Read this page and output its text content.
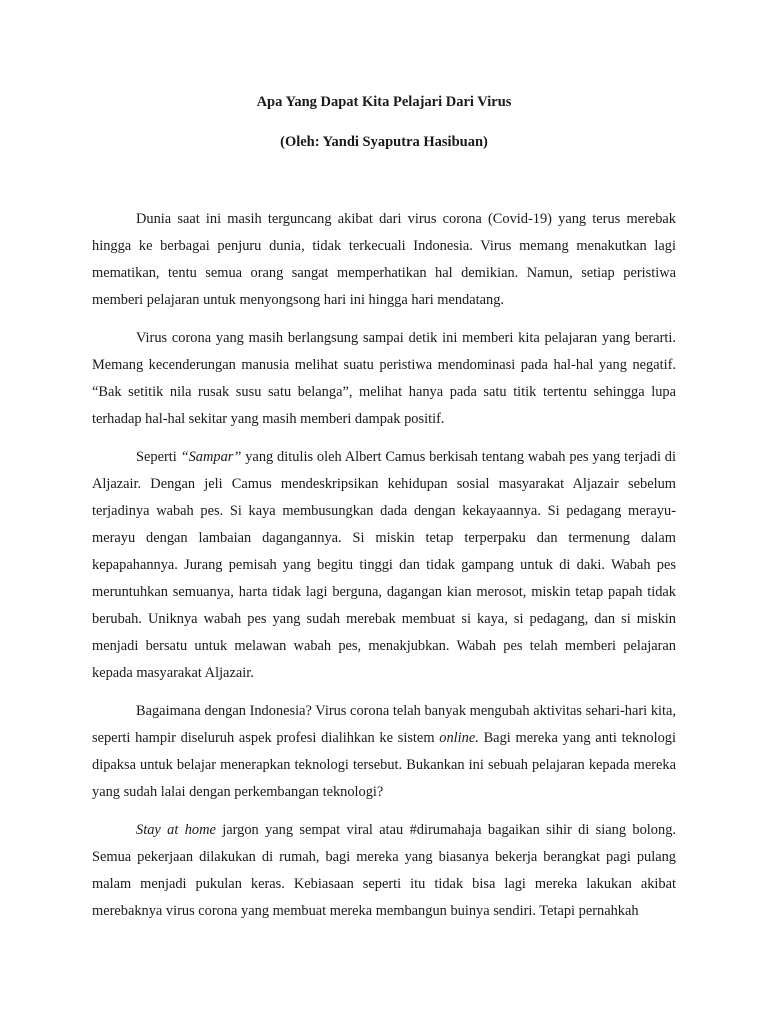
Apa Yang Dapat Kita Pelajari Dari Virus

(Oleh: Yandi Syaputra Hasibuan)

Dunia saat ini masih terguncang akibat dari virus corona (Covid-19) yang terus merebak hingga ke berbagai penjuru dunia, tidak terkecuali Indonesia. Virus memang menakutkan lagi mematikan, tentu semua orang sangat memperhatikan hal demikian. Namun, setiap peristiwa memberi pelajaran untuk menyongsong hari ini hingga hari mendatang.

Virus corona yang masih berlangsung sampai detik ini memberi kita pelajaran yang berarti. Memang kecenderungan manusia melihat suatu peristiwa mendominasi pada hal-hal yang negatif. “Bak setitik nila rusak susu satu belanga”, melihat hanya pada satu titik tertentu sehingga lupa terhadap hal-hal sekitar yang masih memberi dampak positif.

Seperti “Sampar” yang ditulis oleh Albert Camus berkisah tentang wabah pes yang terjadi di Aljazair. Dengan jeli Camus mendeskripsikan kehidupan sosial masyarakat Aljazair sebelum terjadinya wabah pes. Si kaya membusungkan dada dengan kekayaannya. Si pedagang merayu-merayu dengan lambaian dagangannya. Si miskin tetap terperpaku dan termenung dalam kepapahannya. Jurang pemisah yang begitu tinggi dan tidak gampang untuk di daki. Wabah pes meruntuhkan semuanya, harta tidak lagi berguna, dagangan kian merosot, miskin tetap papah tidak berubah. Uniknya wabah pes yang sudah merebak membuat si kaya, si pedagang, dan si miskin menjadi bersatu untuk melawan wabah pes, menakjubkan. Wabah pes telah memberi pelajaran kepada masyarakat Aljazair.

Bagaimana dengan Indonesia? Virus corona telah banyak mengubah aktivitas sehari-hari kita, seperti hampir diseluruh aspek profesi dialihkan ke sistem online. Bagi mereka yang anti teknologi dipaksa untuk belajar menerapkan teknologi tersebut. Bukankan ini sebuah pelajaran kepada mereka yang sudah lalai dengan perkembangan teknologi?

Stay at home jargon yang sempat viral atau #dirumahaja bagaikan sihir di siang bolong. Semua pekerjaan dilakukan di rumah, bagi mereka yang biasanya bekerja berangkat pagi pulang malam menjadi pukulan keras. Kebiasaan seperti itu tidak bisa lagi mereka lakukan akibat merebaknya virus corona yang membuat mereka membangun buinya sendiri. Tetapi pernahkah
